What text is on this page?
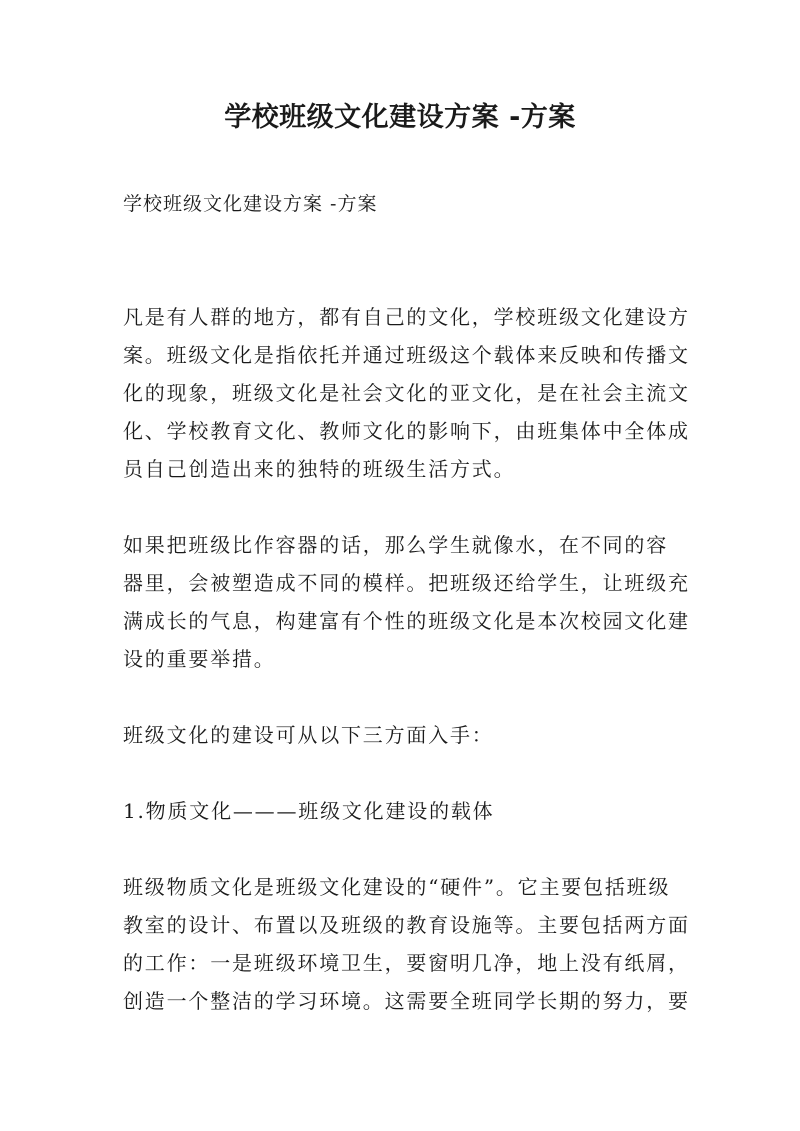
学校班级文化建设方案 -方案

学校班级文化建设方案 -方案

凡是有人群的地方，都有自己的文化，学校班级文化建设方
案。班级文化是指依托并通过班级这个载体来反映和传播文
化的现象，班级文化是社会文化的亚文化，是在社会主流文
化、学校教育文化、教师文化的影响下，由班集体中全体成
员自己创造出来的独特的班级生活方式。
如果把班级比作容器的话，那么学生就像水，在不同的容
器里，会被塑造成不同的模样。把班级还给学生，让班级充
满成长的气息，构建富有个性的班级文化是本次校园文化建
设的重要举措。
班级文化的建设可从以下三方面入手：
1.物质文化———班级文化建设的载体
班级物质文化是班级文化建设的“硬件”。它主要包括班级
教室的设计、布置以及班级的教育设施等。主要包括两方面
的工作：一是班级环境卫生，要窗明几净，地上没有纸屑，
创造一个整洁的学习环境。这需要全班同学长期的努力，要
